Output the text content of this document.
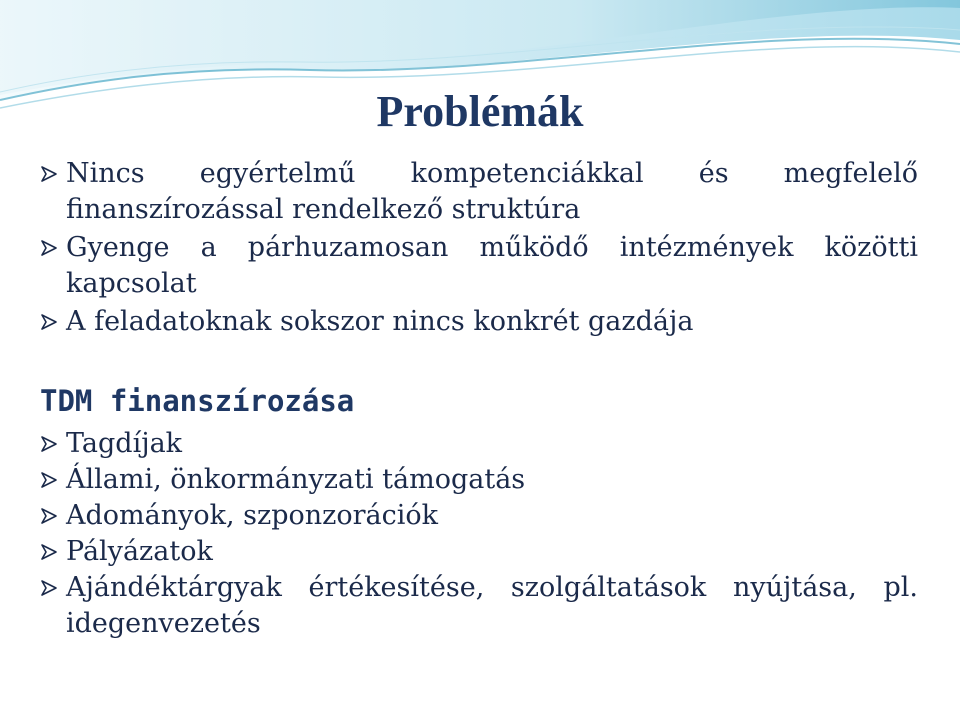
Problémák
Nincs egyértelmű kompetenciákkal és megfelelő finanszírozással rendelkező struktúra
Gyenge a párhuzamosan működő intézmények közötti kapcsolat
A feladatoknak sokszor nincs konkrét gazdája
TDM finanszírozása
Tagdíjak
Állami, önkormányzati támogatás
Adományok, szponzorációk
Pályázatok
Ajándéktárgyak értékesítése, szolgáltatások nyújtása, pl. idegenvezetés
